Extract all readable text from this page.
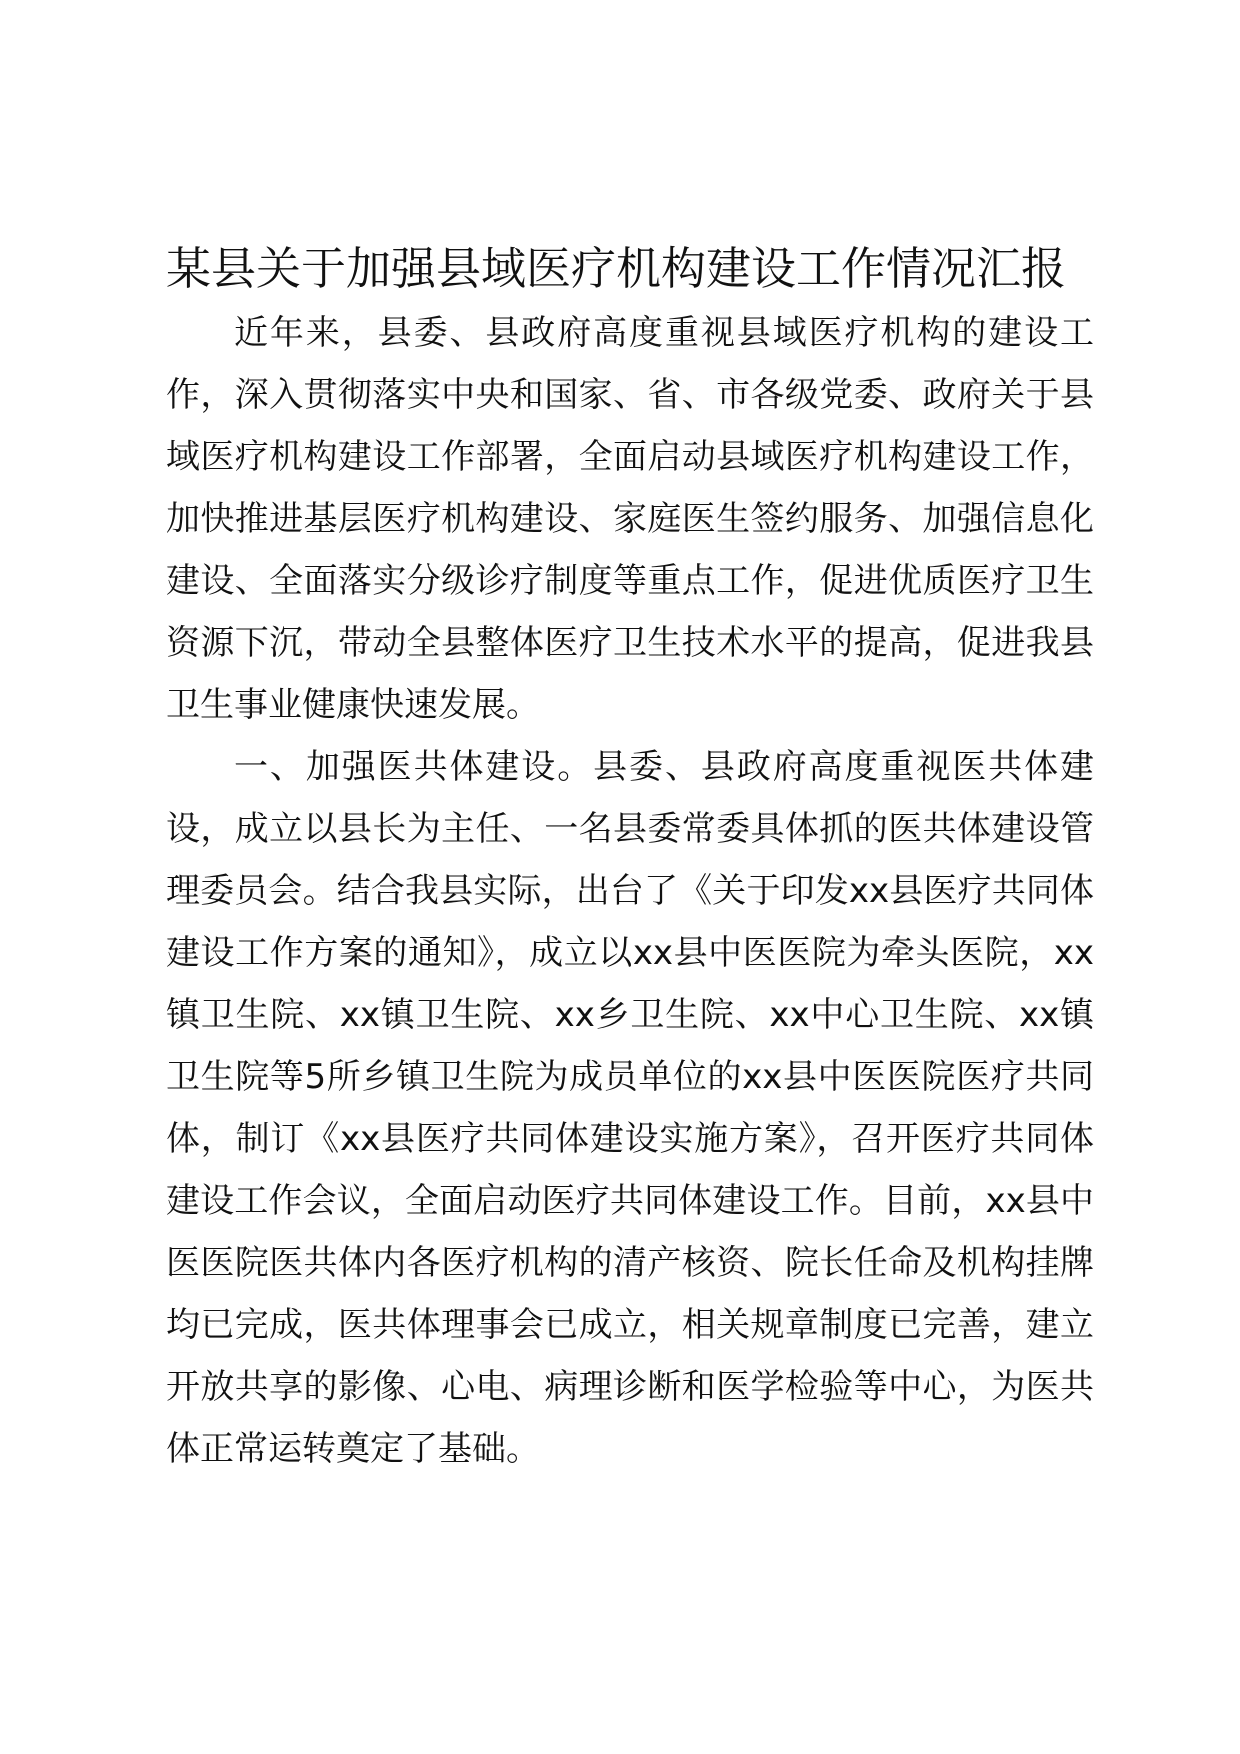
某县关于加强县域医疗机构建设工作情况汇报

近年来，县委、县政府高度重视县域医疗机构的建设工作，深入贯彻落实中央和国家、省、市各级党委、政府关于县域医疗机构建设工作部署，全面启动县域医疗机构建设工作，加快推进基层医疗机构建设、家庭医生签约服务、加强信息化建设、全面落实分级诊疗制度等重点工作，促进优质医疗卫生资源下沉，带动全县整体医疗卫生技术水平的提高，促进我县卫生事业健康快速发展。

一、加强医共体建设。县委、县政府高度重视医共体建设，成立以县长为主任、一名县委常委具体抓的医共体建设管理委员会。结合我县实际，出台了《关于印发xx县医疗共同体建设工作方案的通知》，成立以xx县中医医院为牵头医院，xx镇卫生院、xx镇卫生院、xx乡卫生院、xx中心卫生院、xx镇卫生院等5所乡镇卫生院为成员单位的xx县中医医院医疗共同体，制订《xx县医疗共同体建设实施方案》，召开医疗共同体建设工作会议，全面启动医疗共同体建设工作。目前，xx县中医医院医共体内各医疗机构的清产核资、院长任命及机构挂牌均已完成，医共体理事会已成立，相关规章制度已完善，建立开放共享的影像、心电、病理诊断和医学检验等中心，为医共体正常运转奠定了基础。
